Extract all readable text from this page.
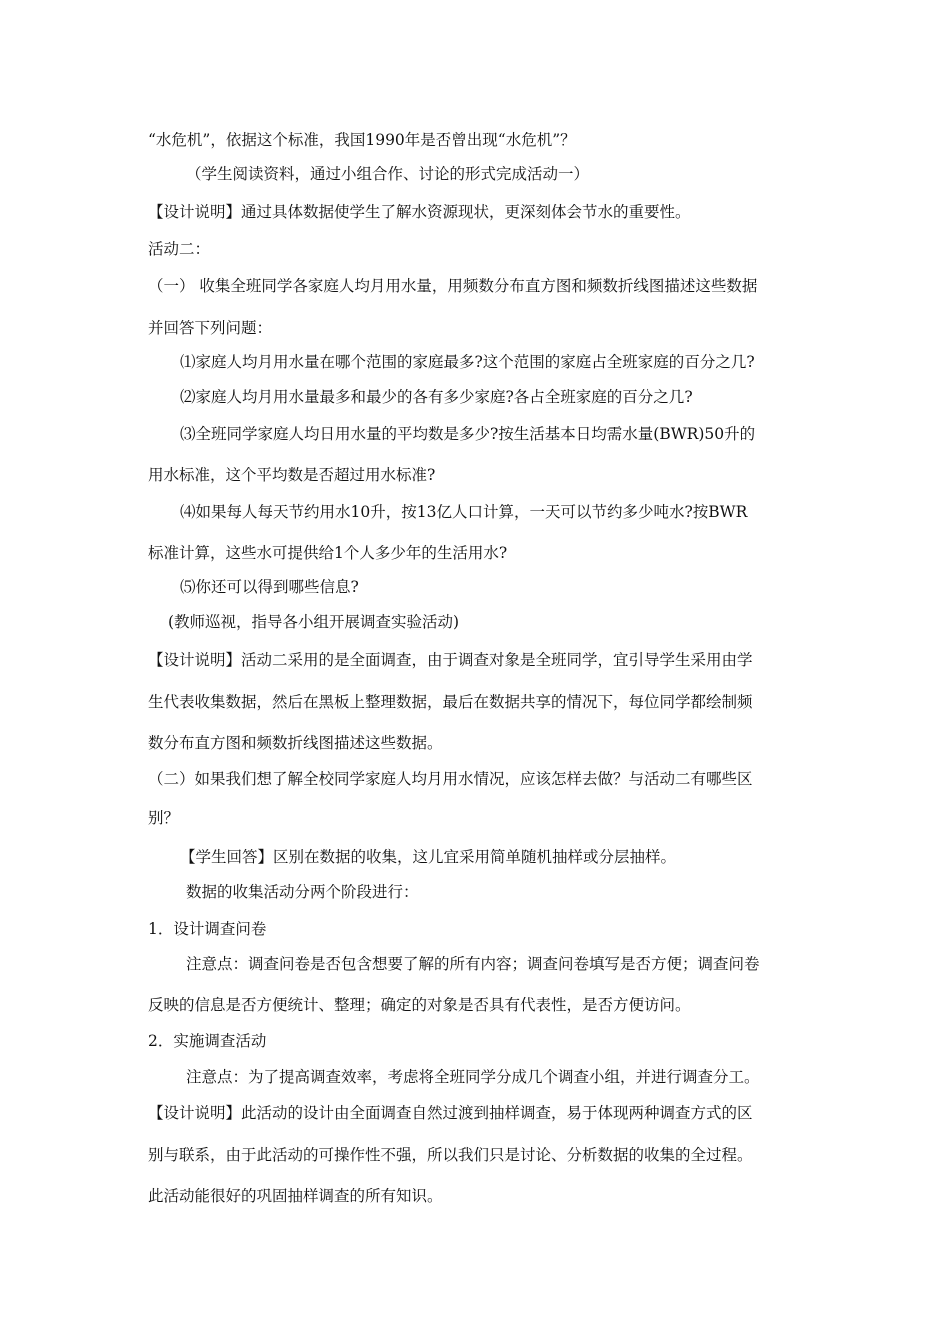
“水危机”，依据这个标准，我国1990年是否曾出现“水危机”？
（学生阅读资料，通过小组合作、讨论的形式完成活动一）
【设计说明】通过具体数据使学生了解水资源现状，更深刻体会节水的重要性。
活动二：
（一） 收集全班同学各家庭人均月用水量，用频数分布直方图和频数折线图描述这些数据
并回答下列问题：
⑴家庭人均月用水量在哪个范围的家庭最多?这个范围的家庭占全班家庭的百分之几?
⑵家庭人均月用水量最多和最少的各有多少家庭?各占全班家庭的百分之几?
⑶全班同学家庭人均日用水量的平均数是多少?按生活基本日均需水量(BWR)50升的
用水标准，这个平均数是否超过用水标准?
⑷如果每人每天节约用水10升，按13亿人口计算，一天可以节约多少吨水?按BWR
标准计算，这些水可提供给1个人多少年的生活用水?
⑸你还可以得到哪些信息?
(教师巡视，指导各小组开展调查实验活动)
【设计说明】活动二采用的是全面调查，由于调查对象是全班同学，宜引导学生采用由学
生代表收集数据，然后在黑板上整理数据，最后在数据共享的情况下，每位同学都绘制频
数分布直方图和频数折线图描述这些数据。
（二）如果我们想了解全校同学家庭人均月用水情况，应该怎样去做？与活动二有哪些区
别？
【学生回答】区别在数据的收集，这儿宜采用简单随机抽样或分层抽样。
数据的收集活动分两个阶段进行：
1．设计调查问卷
注意点：调查问卷是否包含想要了解的所有内容；调查问卷填写是否方便；调查问卷
反映的信息是否方便统计、整理；确定的对象是否具有代表性，是否方便访问。
2．实施调查活动
注意点：为了提高调查效率，考虑将全班同学分成几个调查小组，并进行调查分工。
【设计说明】此活动的设计由全面调查自然过渡到抽样调查，易于体现两种调查方式的区
别与联系，由于此活动的可操作性不强，所以我们只是讨论、分析数据的收集的全过程。
此活动能很好的巩固抽样调查的所有知识。
